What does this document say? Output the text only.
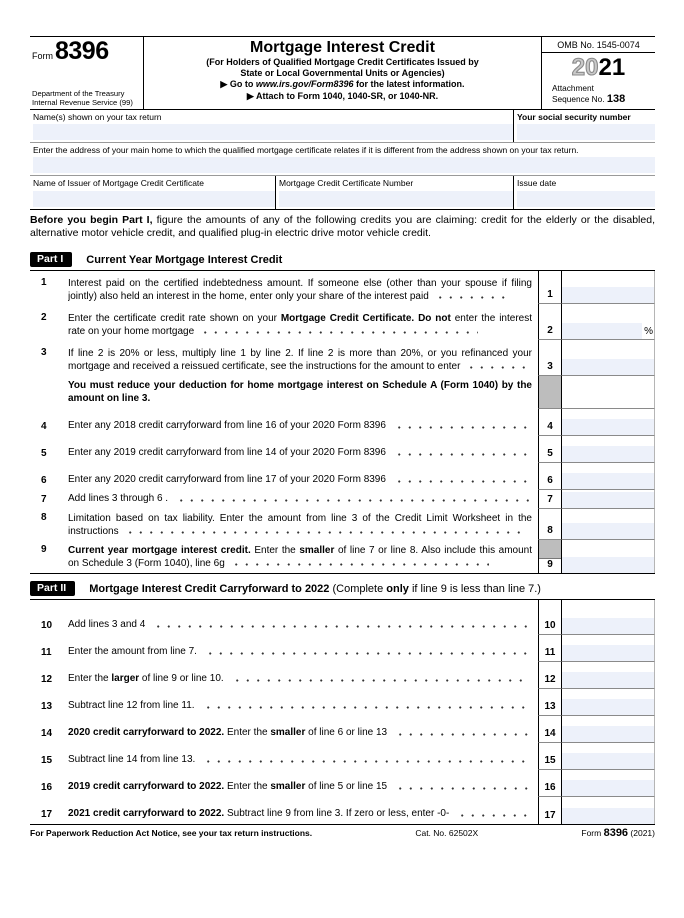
Form 8396
Department of the Treasury
Internal Revenue Service (99)
Mortgage Interest Credit
(For Holders of Qualified Mortgage Credit Certificates Issued by
State or Local Governmental Units or Agencies)
▶ Go to www.irs.gov/Form8396 for the latest information.
▶ Attach to Form 1040, 1040-SR, or 1040-NR.
OMB No. 1545-0074
2021
Attachment
Sequence No. 138
Name(s) shown on your tax return	Your social security number
Enter the address of your main home to which the qualified mortgage certificate relates if it is different from the address shown on your tax return.
Name of Issuer of Mortgage Credit Certificate	Mortgage Credit Certificate Number	Issue date
Before you begin Part I, figure the amounts of any of the following credits you are claiming: credit for the elderly or the disabled, alternative motor vehicle credit, and qualified plug-in electric drive motor vehicle credit.
Part I	Current Year Mortgage Interest Credit
1	Interest paid on the certified indebtedness amount. If someone else (other than your spouse if filing jointly) also held an interest in the home, enter only your share of the interest paid	1
2	Enter the certificate credit rate shown on your Mortgage Credit Certificate. Do not enter the interest rate on your home mortgage	2	%
3	If line 2 is 20% or less, multiply line 1 by line 2. If line 2 is more than 20%, or you refinanced your mortgage and received a reissued certificate, see the instructions for the amount to enter	3
You must reduce your deduction for home mortgage interest on Schedule A (Form 1040) by the amount on line 3.
4	Enter any 2018 credit carryforward from line 16 of your 2020 Form 8396	4
5	Enter any 2019 credit carryforward from line 14 of your 2020 Form 8396	5
6	Enter any 2020 credit carryforward from line 17 of your 2020 Form 8396	6
7	Add lines 3 through 6 .	7
8	Limitation based on tax liability. Enter the amount from line 3 of the Credit Limit Worksheet in the instructions	8
9	Current year mortgage interest credit. Enter the smaller of line 7 or line 8. Also include this amount on Schedule 3 (Form 1040), line 6g	9
Part II	Mortgage Interest Credit Carryforward to 2022 (Complete only if line 9 is less than line 7.)
10	Add lines 3 and 4	10
11	Enter the amount from line 7.	11
12	Enter the larger of line 9 or line 10.	12
13	Subtract line 12 from line 11.	13
14	2020 credit carryforward to 2022. Enter the smaller of line 6 or line 13	14
15	Subtract line 14 from line 13.	15
16	2019 credit carryforward to 2022. Enter the smaller of line 5 or line 15	16
17	2021 credit carryforward to 2022. Subtract line 9 from line 3. If zero or less, enter -0-	17
For Paperwork Reduction Act Notice, see your tax return instructions.	Cat. No. 62502X	Form 8396 (2021)
